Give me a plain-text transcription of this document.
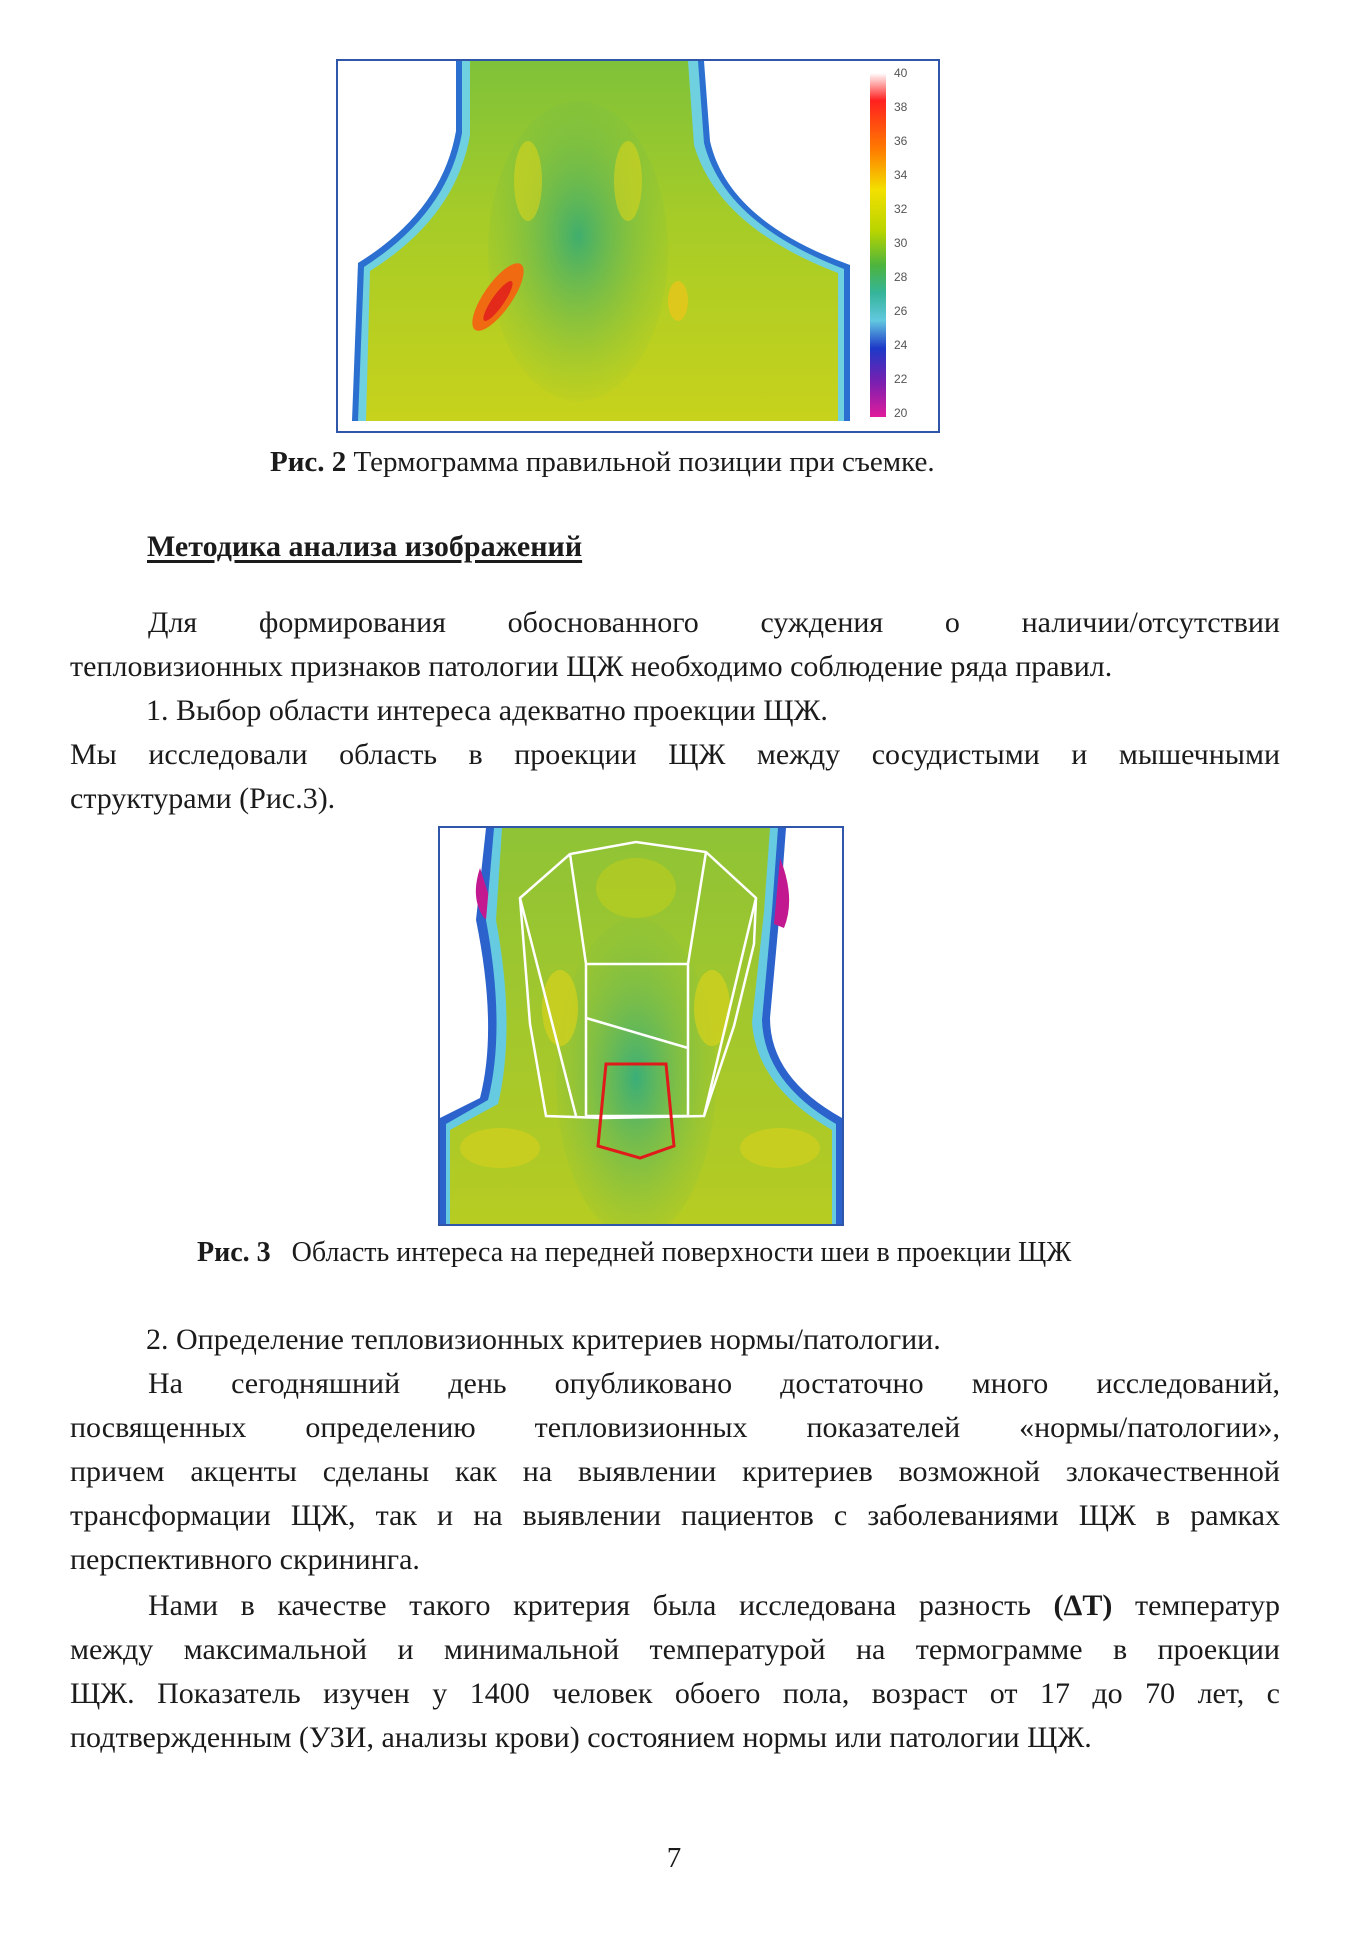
40
38
36
34
32
30
28
26
24
22
20
Рис. 2 Термограмма правильной позиции при съемке.
Методика анализа изображений
Для формирования обоснованного суждения о наличии/отсутствии
тепловизионных признаков патологии ЩЖ необходимо соблюдение ряда правил.
1. Выбор области интереса адекватно проекции ЩЖ.
Мы исследовали область в проекции ЩЖ между сосудистыми и мышечными
структурами (Рис.3).
Рис. 3 Область интереса на передней поверхности шеи в проекции ЩЖ
2. Определение тепловизионных критериев нормы/патологии.
На сегодняшний день опубликовано достаточно много исследований,
посвященных определению тепловизионных показателей «нормы/патологии»,
причем акценты сделаны как на выявлении критериев возможной злокачественной
трансформации ЩЖ, так и на выявлении пациентов с заболеваниями ЩЖ в рамках
перспективного скрининга.
Нами в качестве такого критерия была исследована разность (ΔT) температур
между максимальной и минимальной температурой на термограмме в проекции
ЩЖ. Показатель изучен у 1400 человек обоего пола, возраст от 17 до 70 лет, с
подтвержденным (УЗИ, анализы крови) состоянием нормы или патологии ЩЖ.
7
